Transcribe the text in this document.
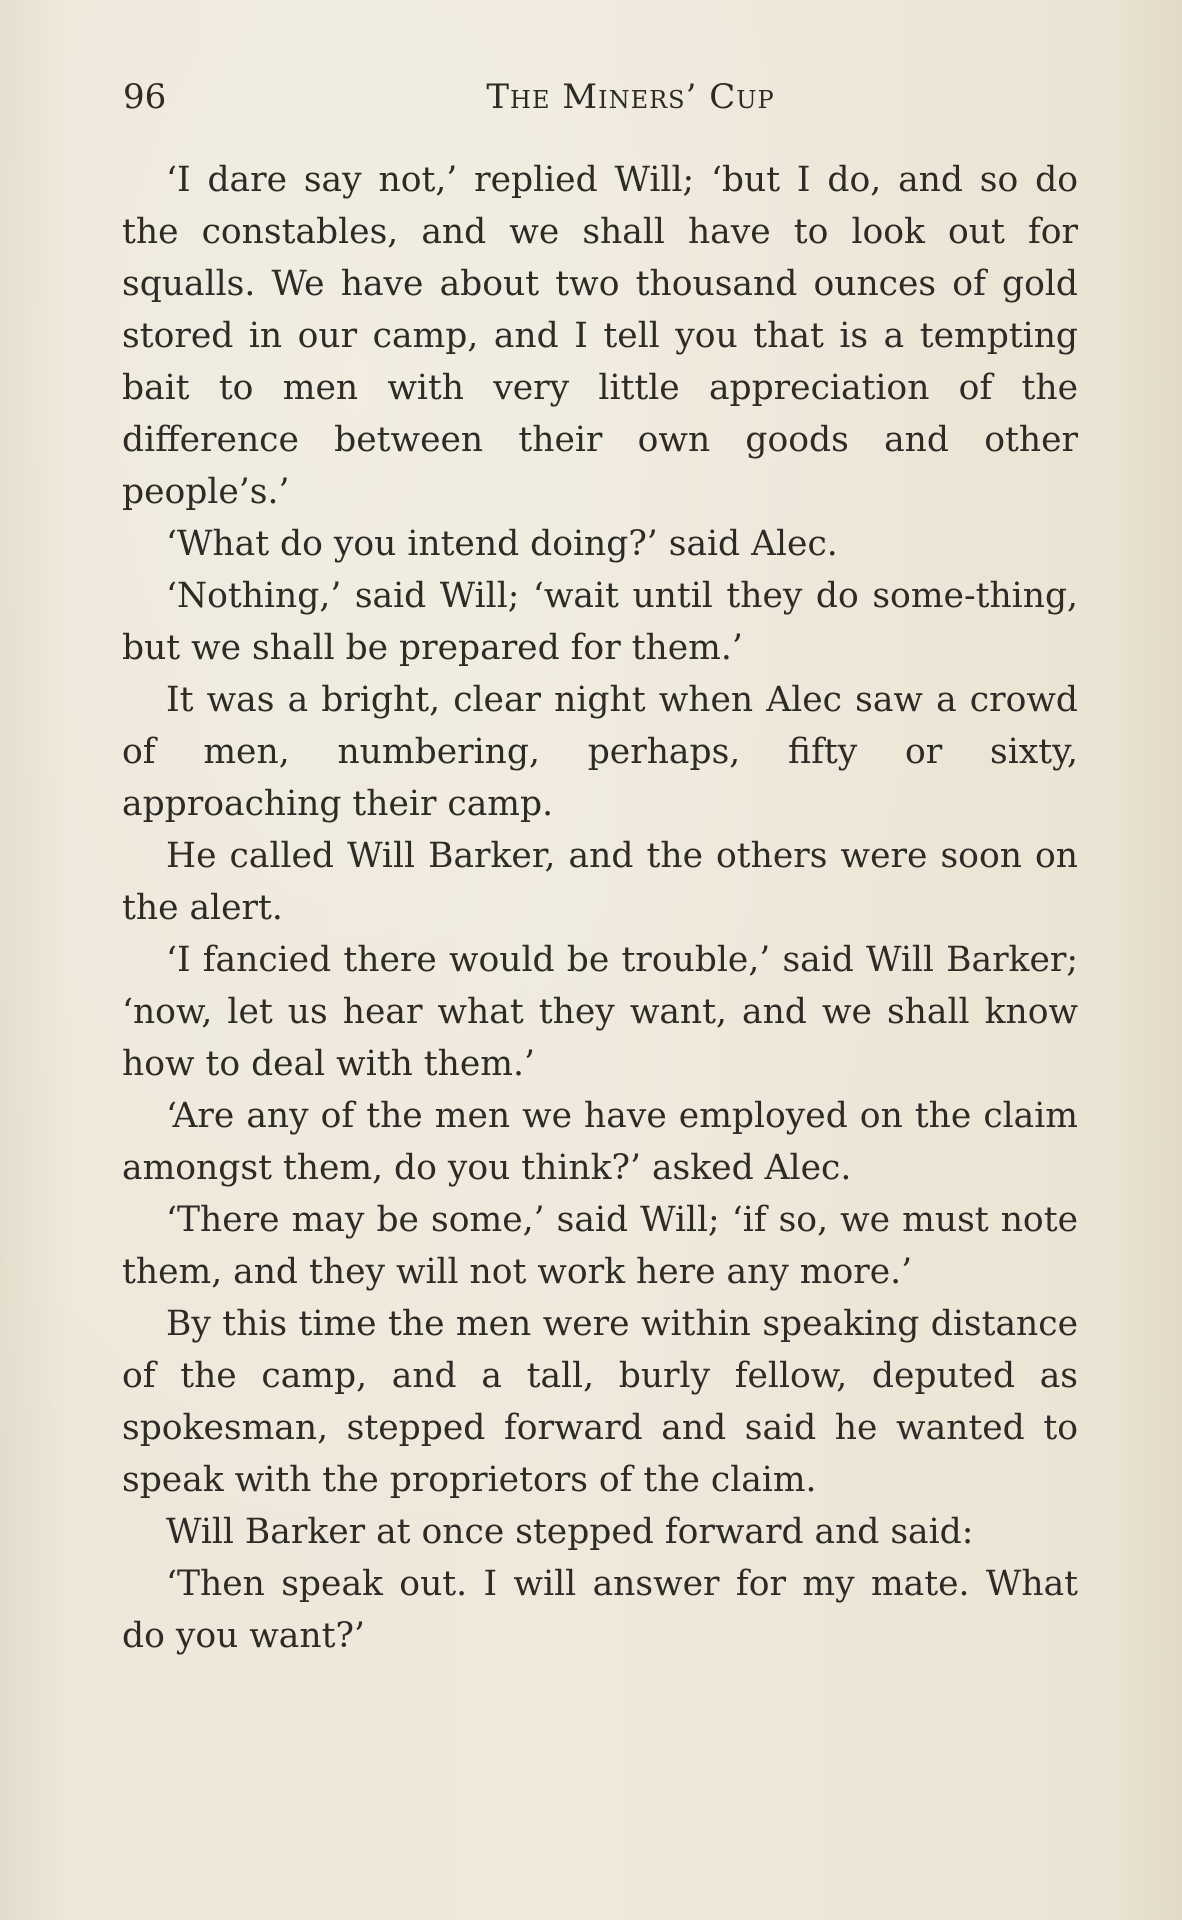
96	The Miners’ Cup

‘I dare say not,’ replied Will; ‘but I do, and so do the constables, and we shall have to look out for squalls. We have about two thousand ounces of gold stored in our camp, and I tell you that is a tempting bait to men with very little appreciation of the difference between their own goods and other people’s.’

‘What do you intend doing?’ said Alec.

‘Nothing,’ said Will; ‘wait until they do some-thing, but we shall be prepared for them.’

It was a bright, clear night when Alec saw a crowd of men, numbering, perhaps, fifty or sixty, approaching their camp.

He called Will Barker, and the others were soon on the alert.

‘I fancied there would be trouble,’ said Will Barker; ‘now, let us hear what they want, and we shall know how to deal with them.’

‘Are any of the men we have employed on the claim amongst them, do you think?’ asked Alec.

‘There may be some,’ said Will; ‘if so, we must note them, and they will not work here any more.’

By this time the men were within speaking distance of the camp, and a tall, burly fellow, deputed as spokesman, stepped forward and said he wanted to speak with the proprietors of the claim.

Will Barker at once stepped forward and said:

‘Then speak out. I will answer for my mate. What do you want?’
